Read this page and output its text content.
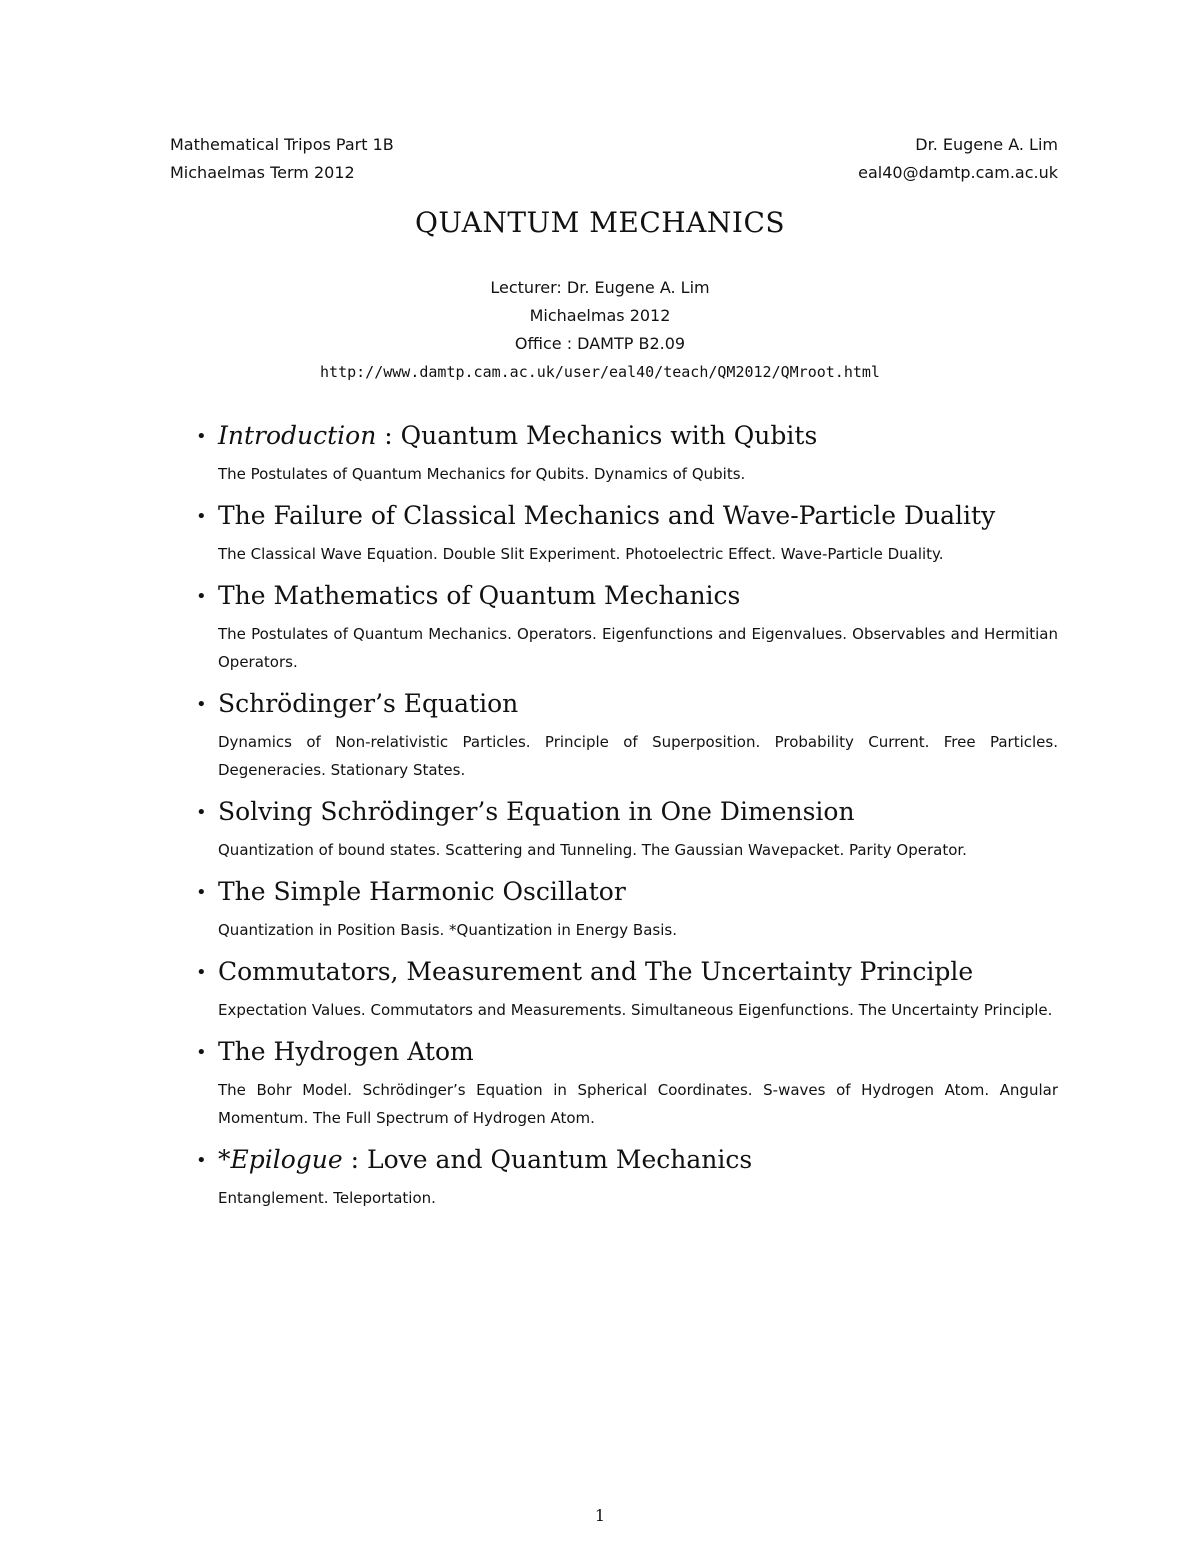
Mathematical Tripos Part 1B
Michaelmas Term 2012
Dr. Eugene A. Lim
eal40@damtp.cam.ac.uk
QUANTUM MECHANICS
Lecturer: Dr. Eugene A. Lim
Michaelmas 2012
Office : DAMTP B2.09
http://www.damtp.cam.ac.uk/user/eal40/teach/QM2012/QMroot.html
• Introduction : Quantum Mechanics with Qubits
The Postulates of Quantum Mechanics for Qubits. Dynamics of Qubits.
• The Failure of Classical Mechanics and Wave-Particle Duality
The Classical Wave Equation. Double Slit Experiment. Photoelectric Effect. Wave-Particle Duality.
• The Mathematics of Quantum Mechanics
The Postulates of Quantum Mechanics. Operators. Eigenfunctions and Eigenvalues. Observables and Hermitian Operators.
• Schrödinger’s Equation
Dynamics of Non-relativistic Particles. Principle of Superposition. Probability Current. Free Particles. Degeneracies. Stationary States.
• Solving Schrödinger’s Equation in One Dimension
Quantization of bound states. Scattering and Tunneling. The Gaussian Wavepacket. Parity Operator.
• The Simple Harmonic Oscillator
Quantization in Position Basis. *Quantization in Energy Basis.
• Commutators, Measurement and The Uncertainty Principle
Expectation Values. Commutators and Measurements. Simultaneous Eigenfunctions. The Uncertainty Principle.
• The Hydrogen Atom
The Bohr Model. Schrödinger’s Equation in Spherical Coordinates. S-waves of Hydrogen Atom. Angular Momentum. The Full Spectrum of Hydrogen Atom.
• *Epilogue : Love and Quantum Mechanics
Entanglement. Teleportation.
1
